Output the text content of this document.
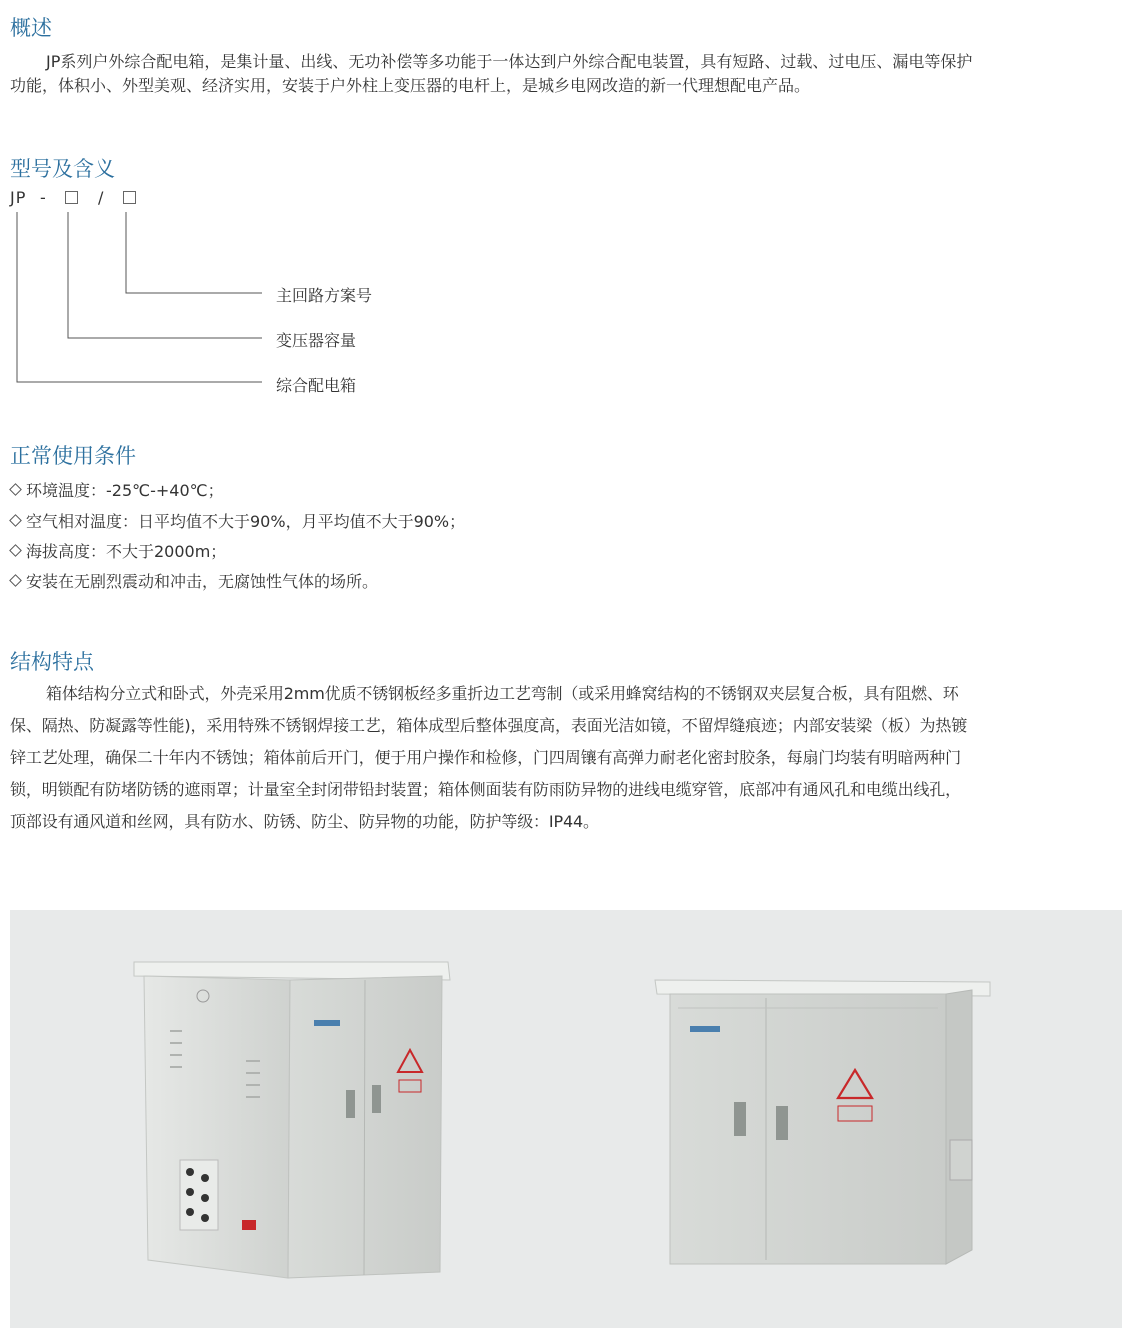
概述
JP系列户外综合配电箱，是集计量、出线、无功补偿等多功能于一体达到户外综合配电装置，具有短路、过载、过电压、漏电等保护
功能，体积小、外型美观、经济实用，安装于户外柱上变压器的电杆上，是城乡电网改造的新一代理想配电产品。
型号及含义
JP -	/
主回路方案号
变压器容量
综合配电箱
正常使用条件
环境温度：-25℃-+40℃；
空气相对温度：日平均值不大于90%，月平均值不大于90%；
海拔高度：不大于2000m；
安装在无剧烈震动和冲击，无腐蚀性气体的场所。
结构特点
箱体结构分立式和卧式，外壳采用2mm优质不锈钢板经多重折边工艺弯制（或采用蜂窝结构的不锈钢双夹层复合板，具有阻燃、环
保、隔热、防凝露等性能)，采用特殊不锈钢焊接工艺，箱体成型后整体强度高，表面光洁如镜，不留焊缝痕迹；内部安装梁（板）为热镀
锌工艺处理，确保二十年内不锈蚀；箱体前后开门，便于用户操作和检修，门四周镶有高弹力耐老化密封胶条，每扇门均装有明暗两种门
锁，明锁配有防堵防锈的遮雨罩；计量室全封闭带铅封装置；箱体侧面装有防雨防异物的进线电缆穿管，底部冲有通风孔和电缆出线孔，
顶部设有通风道和丝网，具有防水、防锈、防尘、防异物的功能，防护等级：IP44。
